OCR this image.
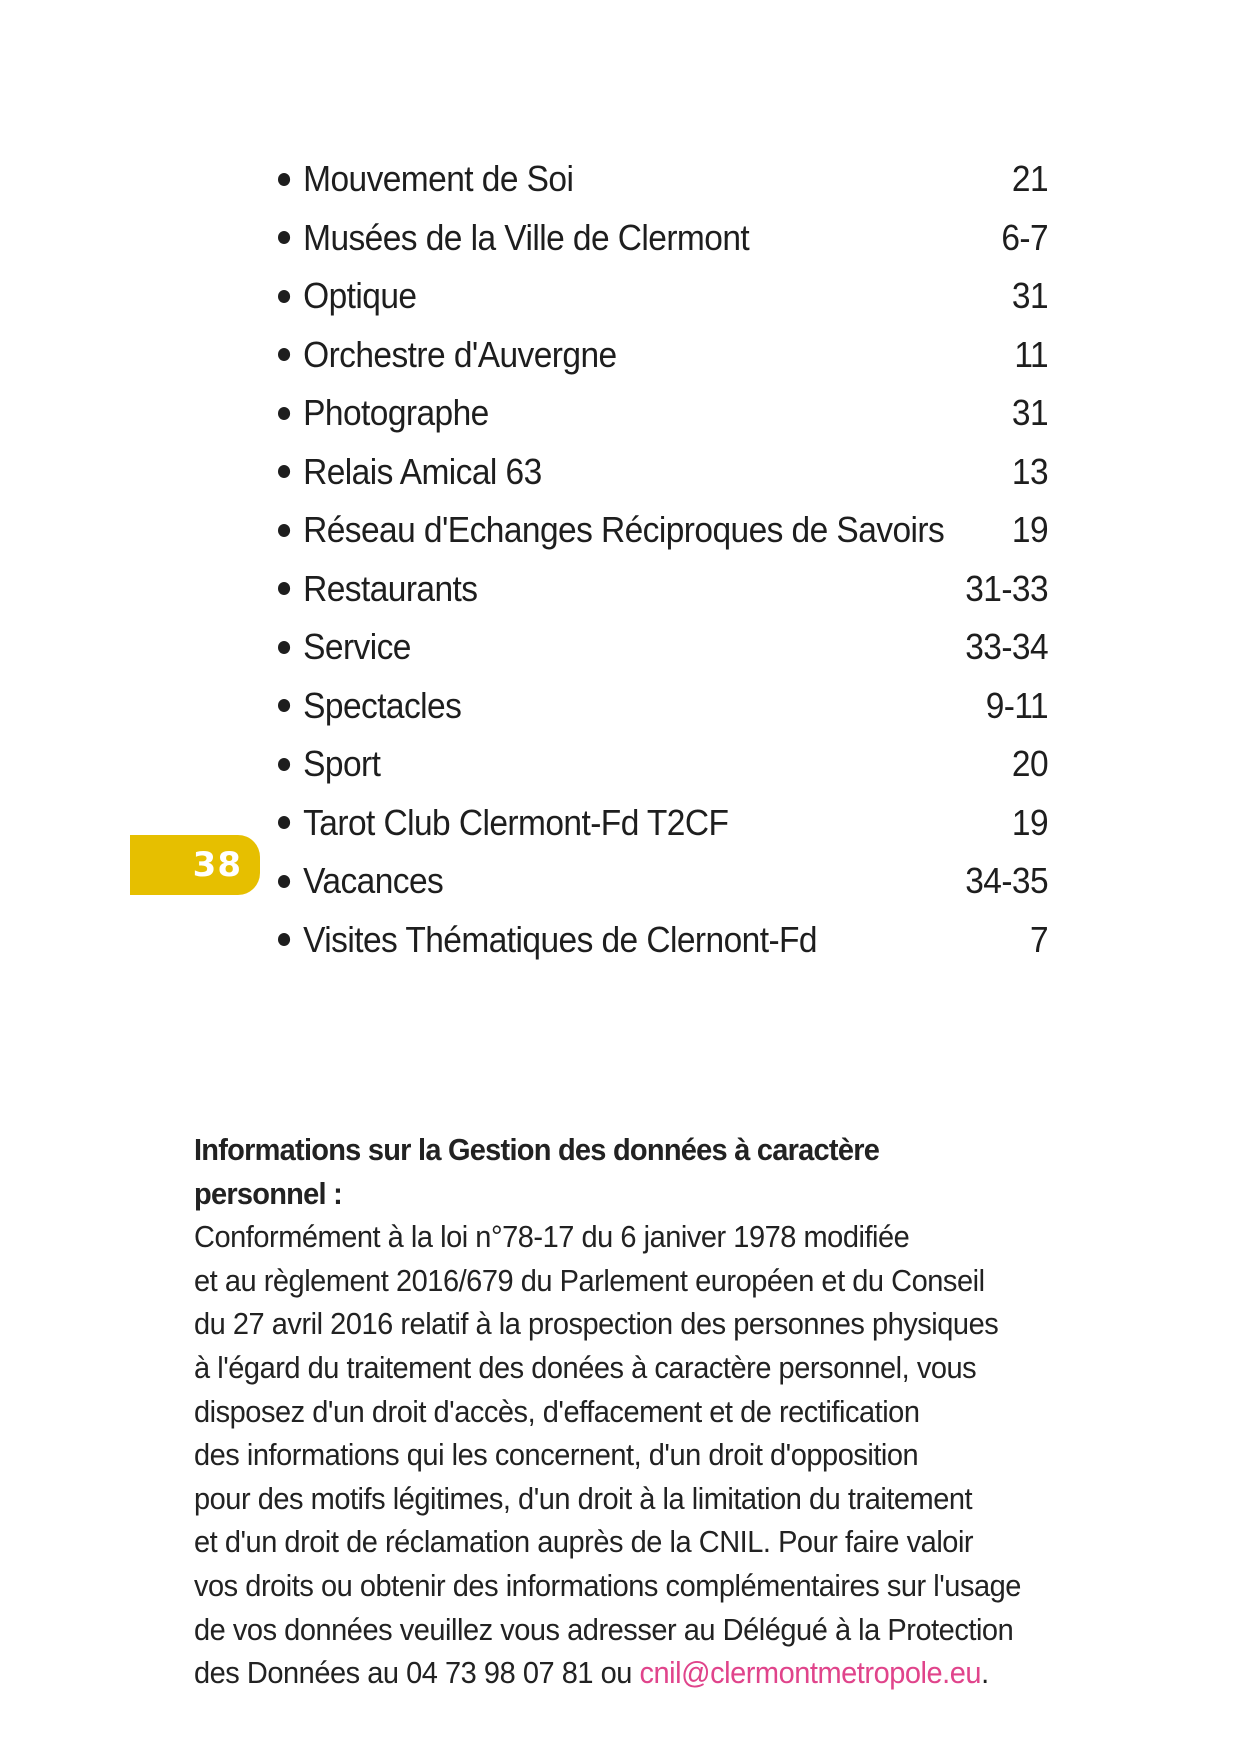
Mouvement de Soi	21
Musées de la Ville de Clermont	6-7
Optique	31
Orchestre d'Auvergne	11
Photographe	31
Relais Amical 63	13
Réseau d'Echanges Réciproques de Savoirs	19
Restaurants	31-33
Service	33-34
Spectacles	9-11
Sport	20
Tarot Club Clermont-Fd T2CF	19
Vacances	34-35
Visites Thématiques de Clernont-Fd	7
38
Informations sur la Gestion des données à caractère personnel :
Conformément à la loi n°78-17 du 6 janiver 1978 modifiée
et au règlement 2016/679 du Parlement européen et du Conseil
du 27 avril 2016 relatif à la prospection des personnes physiques
à l'égard du traitement des donées à caractère personnel, vous
disposez d'un droit d'accès, d'effacement et de rectification
des informations qui les concernent, d'un droit d'opposition
pour des motifs légitimes, d'un droit à la limitation du traitement
et d'un droit de réclamation auprès de la CNIL. Pour faire valoir
vos droits ou obtenir des informations complémentaires sur l'usage
de vos données veuillez vous adresser au Délégué à la Protection
des Données au 04 73 98 07 81 ou cnil@clermontmetropole.eu.
